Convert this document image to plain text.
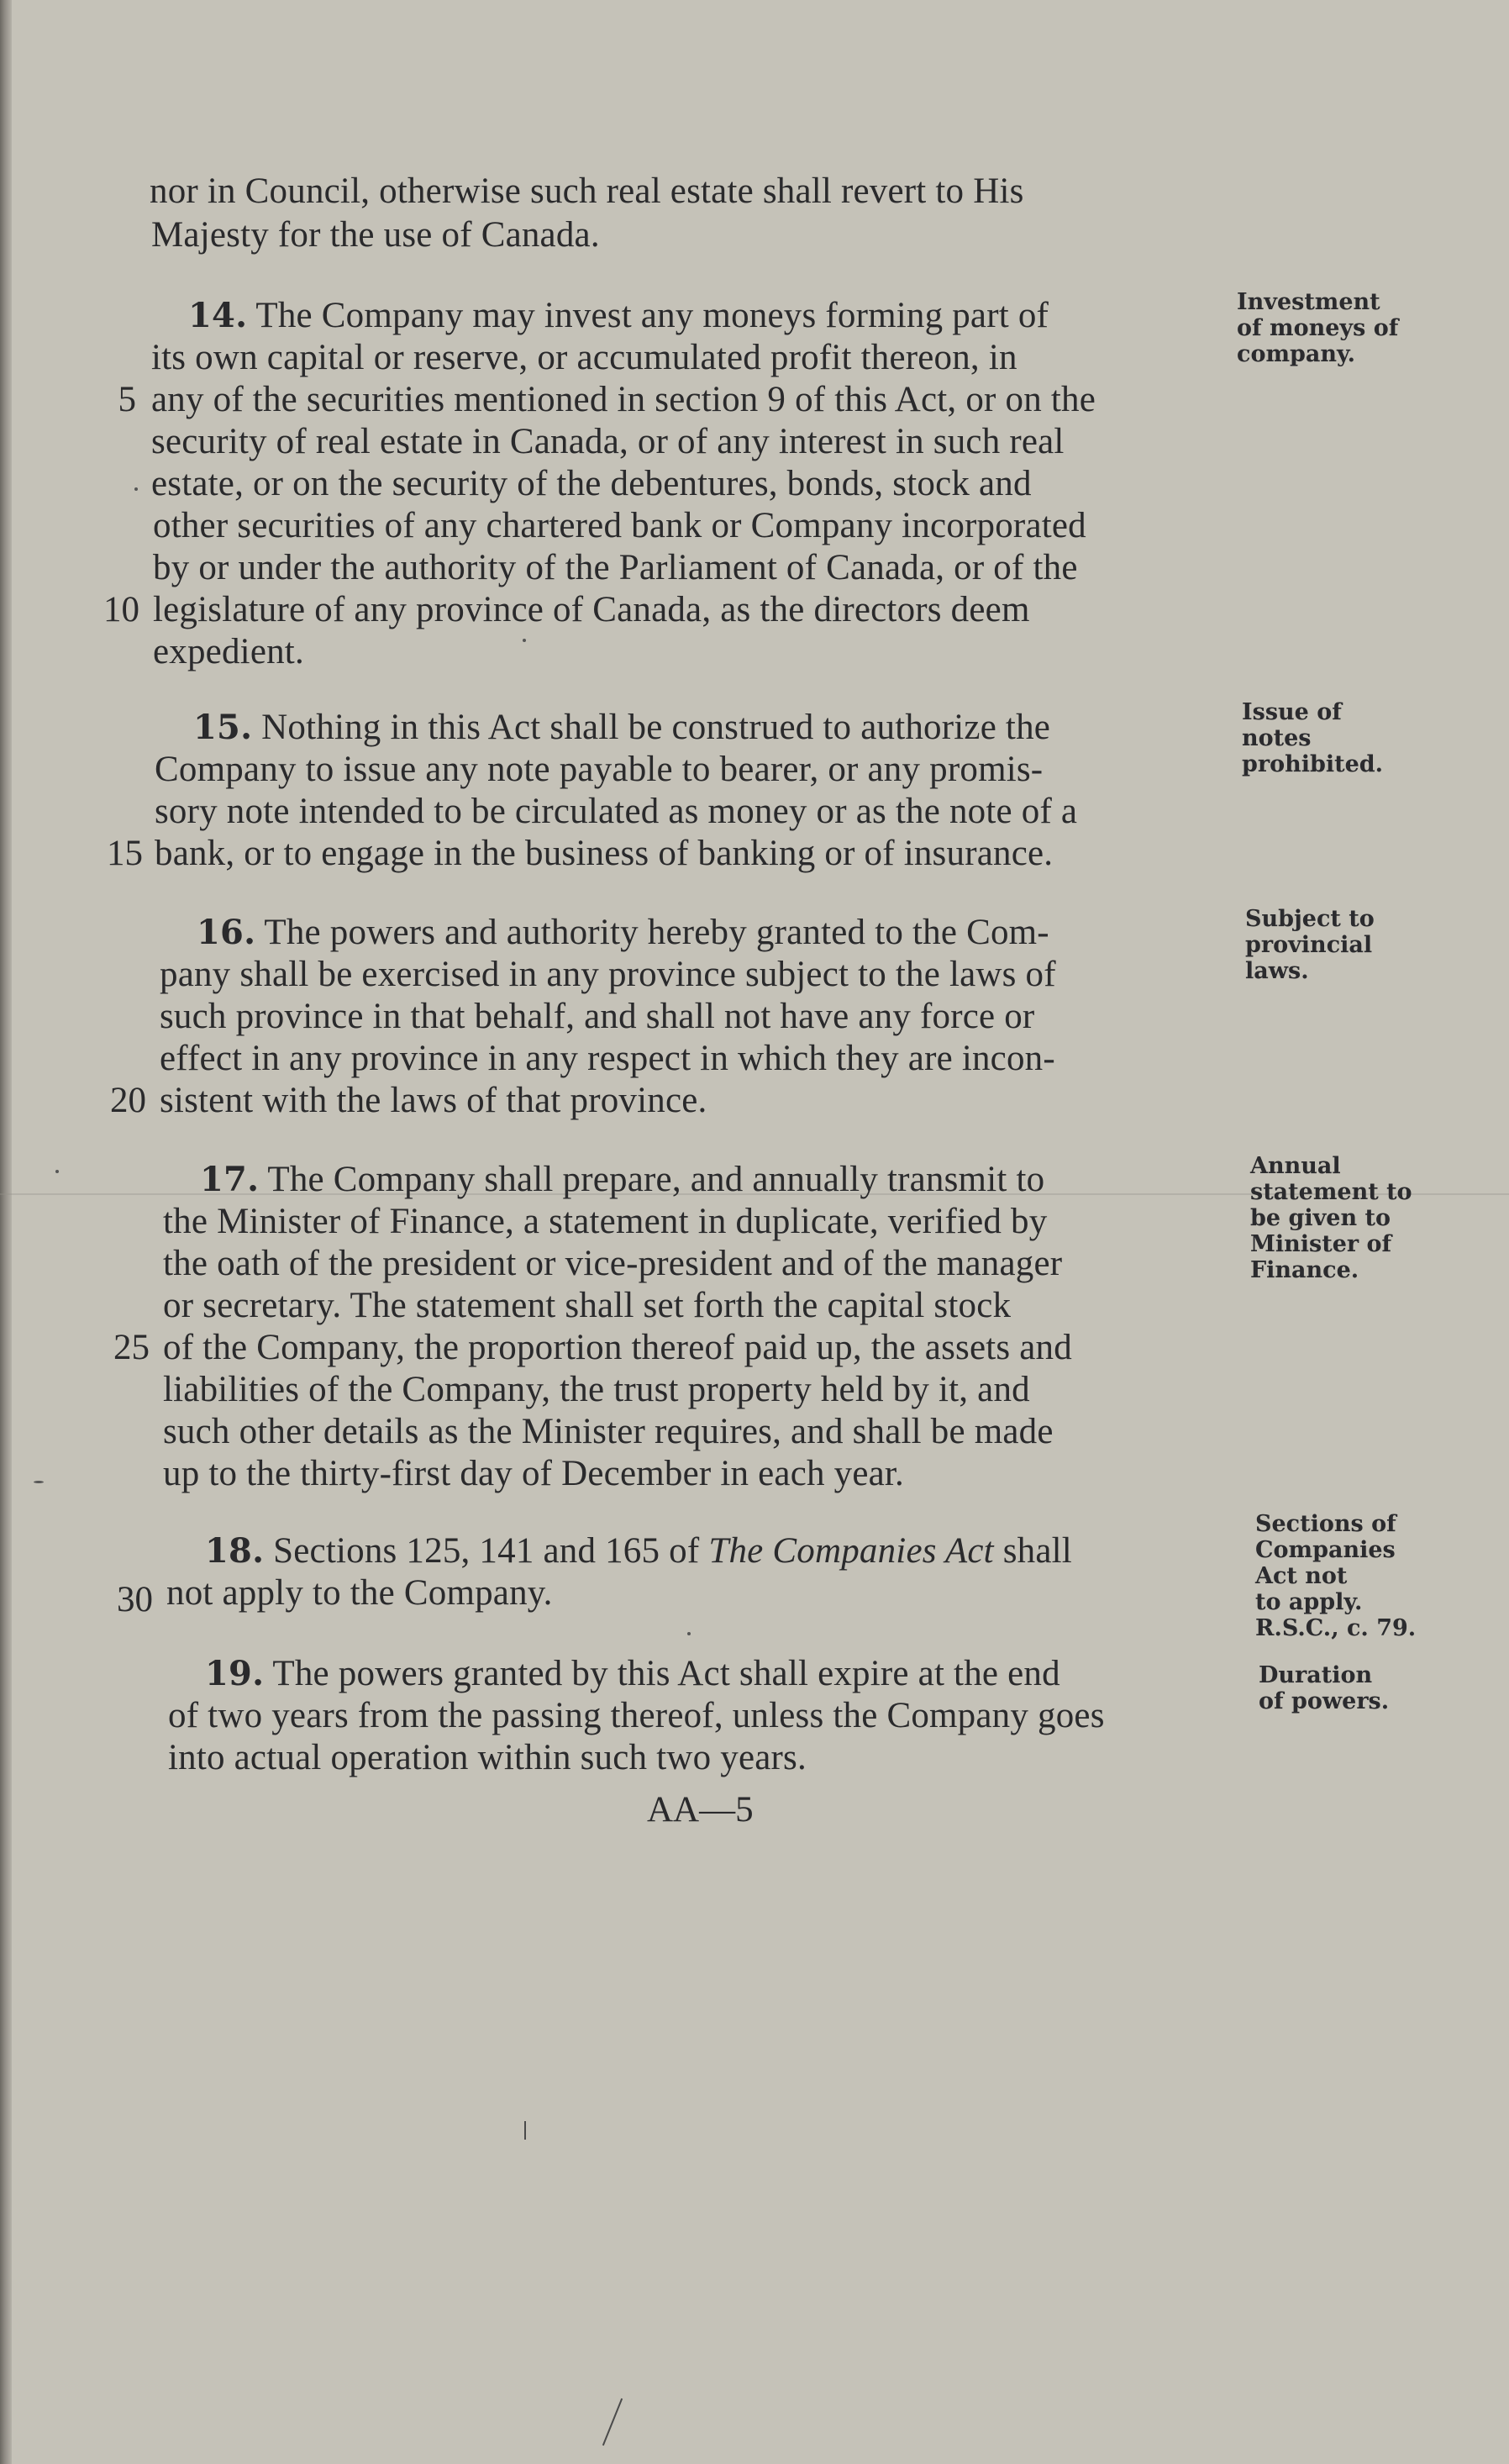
nor in Council, otherwise such real estate shall revert to His
Majesty for the use of Canada.
14. The Company may invest any moneys forming part of
its own capital or reserve, or accumulated profit thereon, in
any of the securities mentioned in section 9 of this Act, or on the
security of real estate in Canada, or of any interest in such real
estate, or on the security of the debentures, bonds, stock and
other securities of any chartered bank or Company incorporated
by or under the authority of the Parliament of Canada, or of the
legislature of any province of Canada, as the directors deem
expedient.
Investment
of moneys of
company.
15. Nothing in this Act shall be construed to authorize the
Company to issue any note payable to bearer, or any promis-
sory note intended to be circulated as money or as the note of a
bank, or to engage in the business of banking or of insurance.
Issue of
notes
prohibited.
16. The powers and authority hereby granted to the Com-
pany shall be exercised in any province subject to the laws of
such province in that behalf, and shall not have any force or
effect in any province in any respect in which they are incon-
sistent with the laws of that province.
Subject to
provincial
laws.
17. The Company shall prepare, and annually transmit to
the Minister of Finance, a statement in duplicate, verified by
the oath of the president or vice-president and of the manager
or secretary. The statement shall set forth the capital stock
of the Company, the proportion thereof paid up, the assets and
liabilities of the Company, the trust property held by it, and
such other details as the Minister requires, and shall be made
up to the thirty-first day of December in each year.
Annual
statement to
be given to
Minister of
Finance.
18. Sections 125, 141 and 165 of The Companies Act shall
not apply to the Company.
Sections of
Companies
Act not
to apply.
R.S.C., c. 79.
19. The powers granted by this Act shall expire at the end
of two years from the passing thereof, unless the Company goes
into actual operation within such two years.
Duration
of powers.
5
10
15
20
25
30
AA—5
